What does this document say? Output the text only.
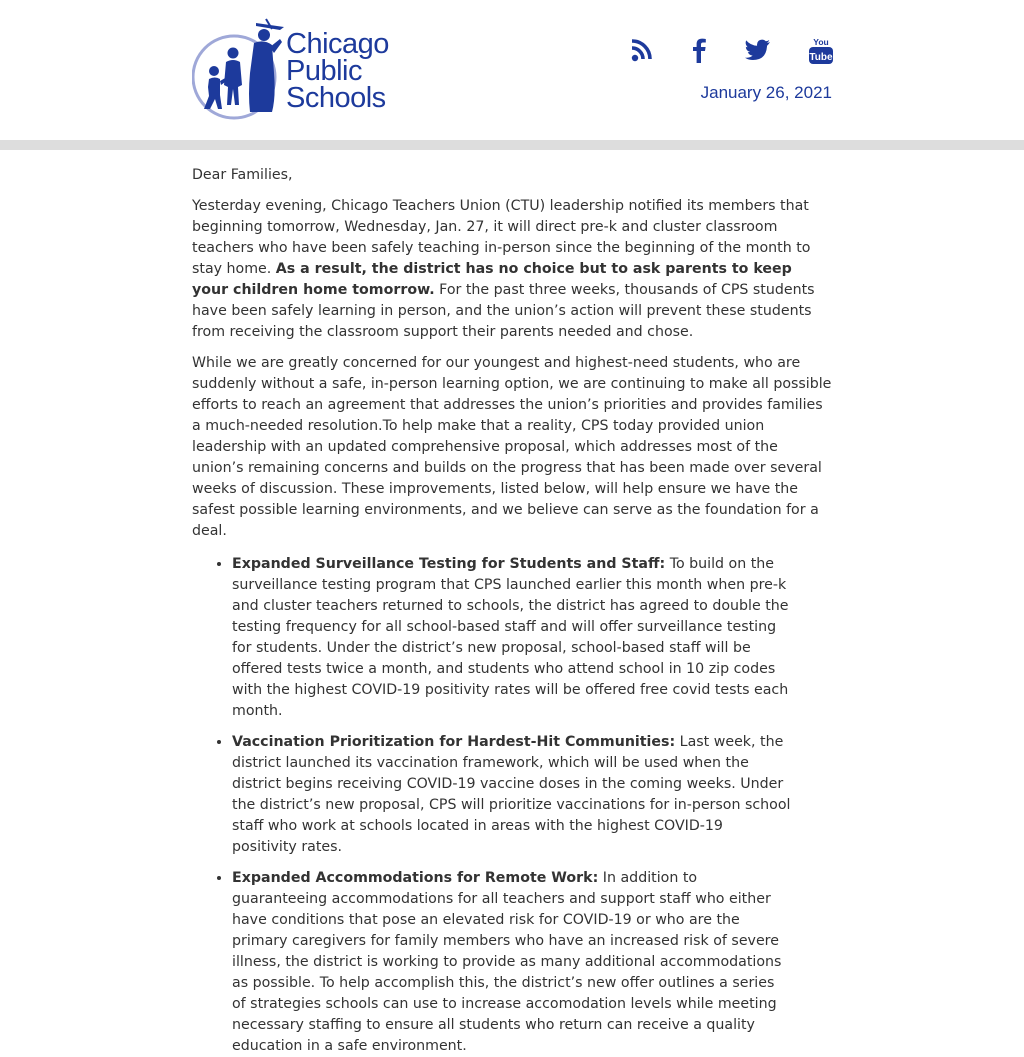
Chicago
Public
Schools
You
Tube
January 26, 2021

Dear Families,

Yesterday evening, Chicago Teachers Union (CTU) leadership notified its members that beginning tomorrow, Wednesday, Jan. 27, it will direct pre-k and cluster classroom teachers who have been safely teaching in-person since the beginning of the month to stay home. As a result, the district has no choice but to ask parents to keep your children home tomorrow. For the past three weeks, thousands of CPS students have been safely learning in person, and the union’s action will prevent these students from receiving the classroom support their parents needed and chose.

While we are greatly concerned for our youngest and highest-need students, who are suddenly without a safe, in-person learning option, we are continuing to make all possible efforts to reach an agreement that addresses the union’s priorities and provides families a much-needed resolution.To help make that a reality, CPS today provided union leadership with an updated comprehensive proposal, which addresses most of the union’s remaining concerns and builds on the progress that has been made over several weeks of discussion. These improvements, listed below, will help ensure we have the safest possible learning environments, and we believe can serve as the foundation for a deal.

• Expanded Surveillance Testing for Students and Staff: To build on the surveillance testing program that CPS launched earlier this month when pre-k and cluster teachers returned to schools, the district has agreed to double the testing frequency for all school-based staff and will offer surveillance testing for students. Under the district’s new proposal, school-based staff will be offered tests twice a month, and students who attend school in 10 zip codes with the highest COVID-19 positivity rates will be offered free covid tests each month.
• Vaccination Prioritization for Hardest-Hit Communities: Last week, the district launched its vaccination framework, which will be used when the district begins receiving COVID-19 vaccine doses in the coming weeks. Under the district’s new proposal, CPS will prioritize vaccinations for in-person school staff who work at schools located in areas with the highest COVID-19 positivity rates.
• Expanded Accommodations for Remote Work: In addition to guaranteeing accommodations for all teachers and support staff who either have conditions that pose an elevated risk for COVID-19 or who are the primary caregivers for family members who have an increased risk of severe illness, the district is working to provide as many additional accommodations as possible. To help accomplish this, the district’s new offer outlines a series of strategies schools can use to increase accomodation levels while meeting necessary staffing to ensure all students who return can receive a quality education in a safe environment.
